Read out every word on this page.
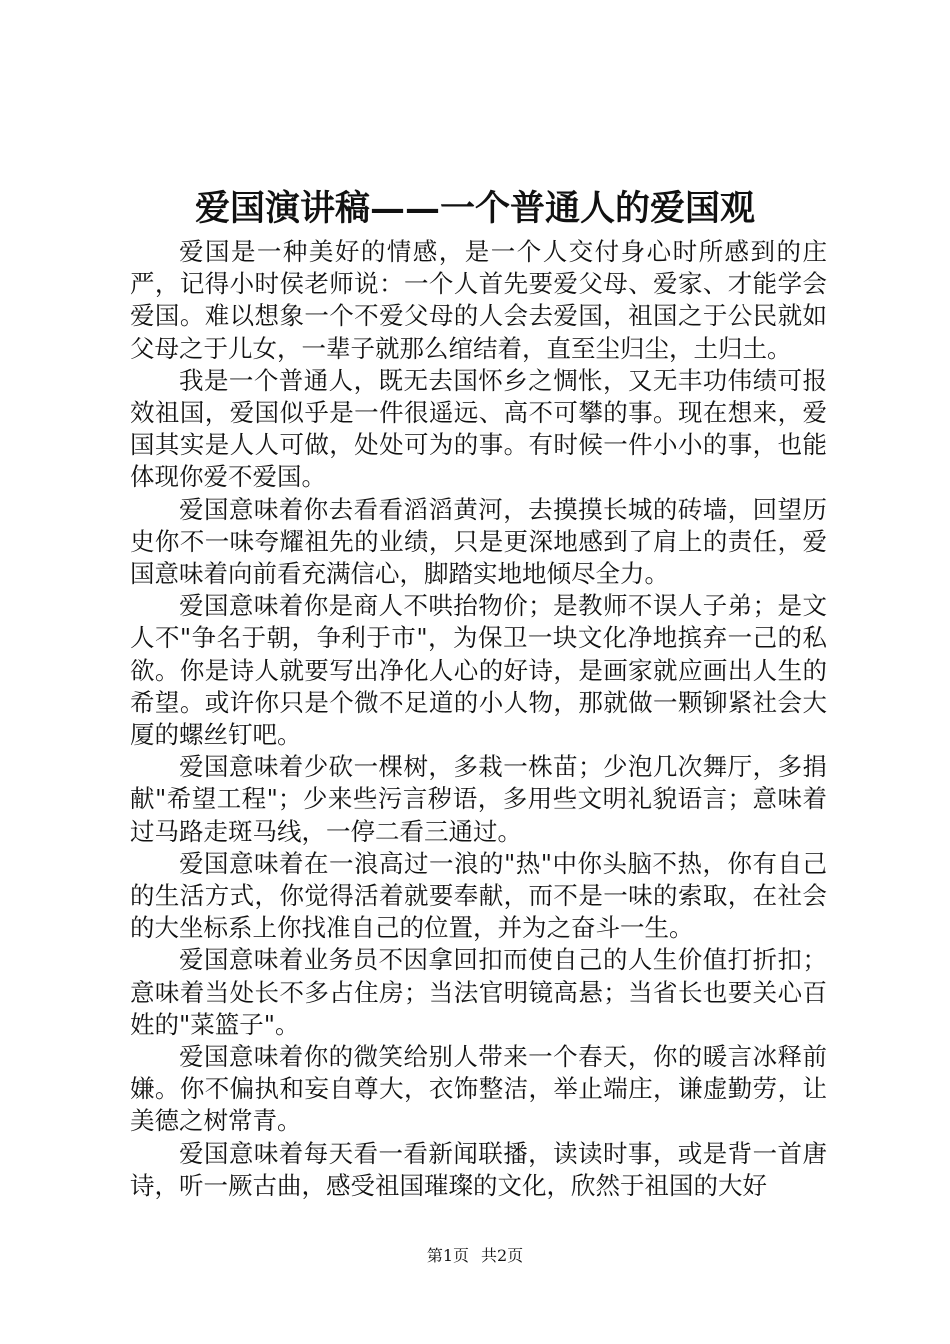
爱国演讲稿——一个普通人的爱国观

爱国是一种美好的情感，是一个人交付身心时所感到的庄严，记得小时侯老师说：一个人首先要爱父母、爱家、才能学会爱国。难以想象一个不爱父母的人会去爱国，祖国之于公民就如父母之于儿女，一辈子就那么绾结着，直至尘归尘，土归土。

我是一个普通人，既无去国怀乡之惆怅，又无丰功伟绩可报效祖国，爱国似乎是一件很遥远、高不可攀的事。现在想来，爱国其实是人人可做，处处可为的事。有时候一件小小的事，也能体现你爱不爱国。

爱国意味着你去看看滔滔黄河，去摸摸长城的砖墙，回望历史你不一味夸耀祖先的业绩，只是更深地感到了肩上的责任，爱国意味着向前看充满信心，脚踏实地地倾尽全力。

爱国意味着你是商人不哄抬物价；是教师不误人子弟；是文人不"争名于朝，争利于市"，为保卫一块文化净地摈弃一己的私欲。你是诗人就要写出净化人心的好诗，是画家就应画出人生的希望。或许你只是个微不足道的小人物，那就做一颗铆紧社会大厦的螺丝钉吧。

爱国意味着少砍一棵树，多栽一株苗；少泡几次舞厅，多捐献"希望工程"；少来些污言秽语，多用些文明礼貌语言；意味着过马路走斑马线，一停二看三通过。

爱国意味着在一浪高过一浪的"热"中你头脑不热，你有自己的生活方式，你觉得活着就要奉献，而不是一味的索取，在社会的大坐标系上你找准自己的位置，并为之奋斗一生。

爱国意味着业务员不因拿回扣而使自己的人生价值打折扣；意味着当处长不多占住房；当法官明镜高悬；当省长也要关心百姓的"菜篮子"。

爱国意味着你的微笑给别人带来一个春天，你的暖言冰释前嫌。你不偏执和妄自尊大，衣饰整洁，举止端庄，谦虚勤劳，让美德之树常青。

爱国意味着每天看一看新闻联播，读读时事，或是背一首唐诗，听一厥古曲，感受祖国璀璨的文化，欣然于祖国的大好

第1页 共2页
